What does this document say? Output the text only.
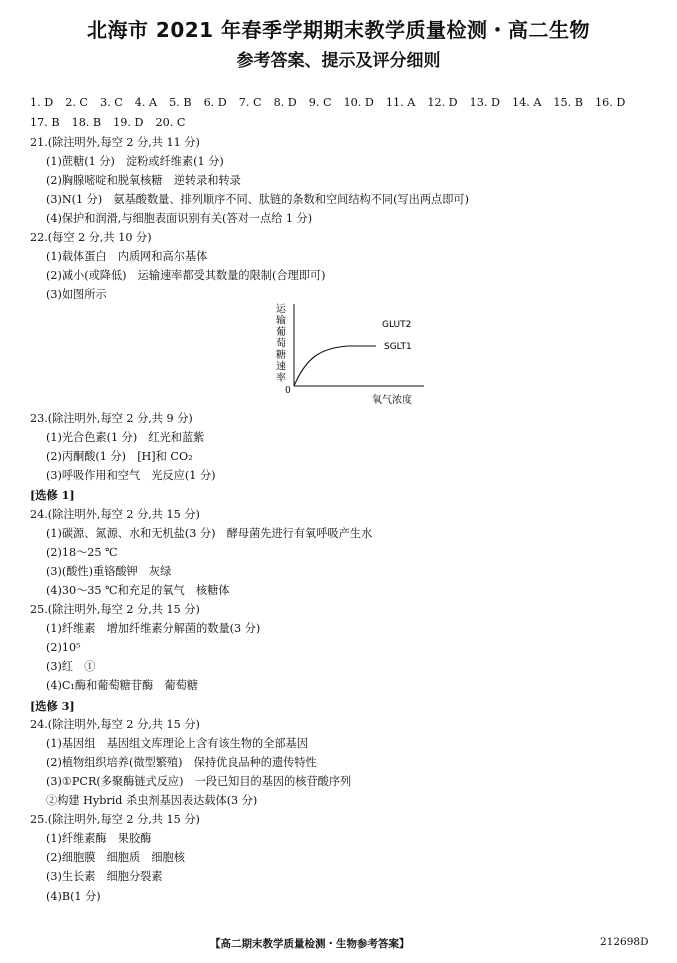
北海市 2021 年春季学期期末教学质量检测・高二生物
参考答案、提示及评分细则
1. D 2. C 3. C 4. A 5. B 6. D 7. C 8. D 9. C 10. D 11. A 12. D 13. D 14. A 15. B 16. D
17. B 18. B 19. D 20. C
21.(除注明外,每空 2 分,共 11 分)
(1)蔗糖(1 分)　淀粉或纤维素(1 分)
(2)胸腺嘧啶和脱氧核糖　逆转录和转录
(3)N(1 分)　氨基酸数量、排列顺序不同、肽链的条数和空间结构不同(写出两点即可)
(4)保护和润滑,与细胞表面识别有关(答对一点给 1 分)
22.(每空 2 分,共 10 分)
(1)载体蛋白　内质网和高尔基体
(2)减小(或降低)　运输速率都受其数量的限制(合理即可)
(3)如图所示
运
输
葡
萄
糖
速
率
0
GLUT2
SGLT1
氧气浓度
23.(除注明外,每空 2 分,共 9 分)
(1)光合色素(1 分)　红光和蓝紫
(2)丙酮酸(1 分)　[H]和 CO₂
(3)呼吸作用和空气　光反应(1 分)
[选修 1]
24.(除注明外,每空 2 分,共 15 分)
(1)碳源、氮源、水和无机盐(3 分)　酵母菌先进行有氧呼吸产生水
(2)18～25 ℃
(3)(酸性)重铬酸钾　灰绿
(4)30～35 ℃和充足的氧气　核糖体
25.(除注明外,每空 2 分,共 15 分)
(1)纤维素　增加纤维素分解菌的数量(3 分)
(2)10⁵
(3)红　①
(4)C₁酶和葡萄糖苷酶　葡萄糖
[选修 3]
24.(除注明外,每空 2 分,共 15 分)
(1)基因组　基因组文库理论上含有该生物的全部基因
(2)植物组织培养(微型繁殖)　保持优良品种的遗传特性
(3)①PCR(多聚酶链式反应)　一段已知目的基因的核苷酸序列
②构建 Hybrid 杀虫剂基因表达载体(3 分)
25.(除注明外,每空 2 分,共 15 分)
(1)纤维素酶　果胶酶
(2)细胞膜　细胞质　细胞核
(3)生长素　细胞分裂素
(4)B(1 分)
【高二期末教学质量检测・生物参考答案】	212698D
